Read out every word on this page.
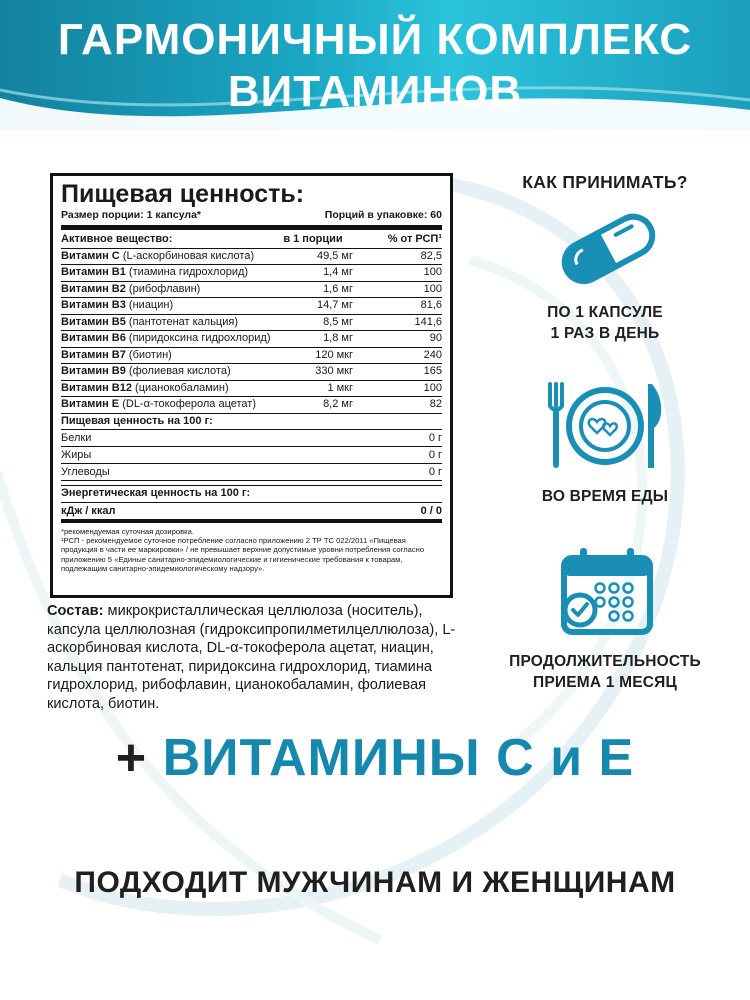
ГАРМОНИЧНЫЙ КОМПЛЕКС
ВИТАМИНОВ
Пищевая ценность:
Размер порции: 1 капсула*	Порций в упаковке: 60
Активное вещество:	в 1 порции	% от РСП¹
Витамин С (L-аскорбиновая кислота)	49,5 мг	82,5
Витамин В1 (тиамина гидрохлорид)	1,4 мг	100
Витамин В2 (рибофлавин)	1,6 мг	100
Витамин В3 (ниацин)	14,7 мг	81,6
Витамин В5 (пантотенат кальция)	8,5 мг	141,6
Витамин В6 (пиридоксина гидрохлорид)	1,8 мг	90
Витамин В7 (биотин)	120 мкг	240
Витамин В9 (фолиевая кислота)	330 мкг	165
Витамин В12 (цианокобаламин)	1 мкг	100
Витамин Е (DL-α-токоферола ацетат)	8,2 мг	82
Пищевая ценность на 100 г:
Белки	0 г
Жиры	0 г
Углеводы	0 г
Энергетическая ценность на 100 г:
кДж / ккал	0 / 0
*рекомендуемая суточная дозировка.
¹РСП - рекомендуемое суточное потребление согласно приложению 2 ТР ТС 022/2011 «Пищевая продукция в части ее маркировки» / не превышает верхние допустимые уровни потребления согласно приложению 5 «Единые санитарно-эпидемиологические и гигиенические требования к товарам, подлежащим санитарно-эпидемиологическому надзору».
Состав: микрокристаллическая целлюлоза (носитель), капсула целлюлозная (гидроксипропилметилцеллюлоза), L-аскорбиновая кислота, DL-α-токоферола ацетат, ниацин, кальция пантотенат, пиридоксина гидрохлорид, тиамина гидрохлорид, рибофлавин, цианокобаламин, фолиевая кислота, биотин.
КАК ПРИНИМАТЬ?
ПО 1 КАПСУЛЕ
1 РАЗ В ДЕНЬ
ВО ВРЕМЯ ЕДЫ
ПРОДОЛЖИТЕЛЬНОСТЬ
ПРИЕМА 1 МЕСЯЦ
+ ВИТАМИНЫ С и Е
ПОДХОДИТ МУЖЧИНАМ И ЖЕНЩИНАМ
